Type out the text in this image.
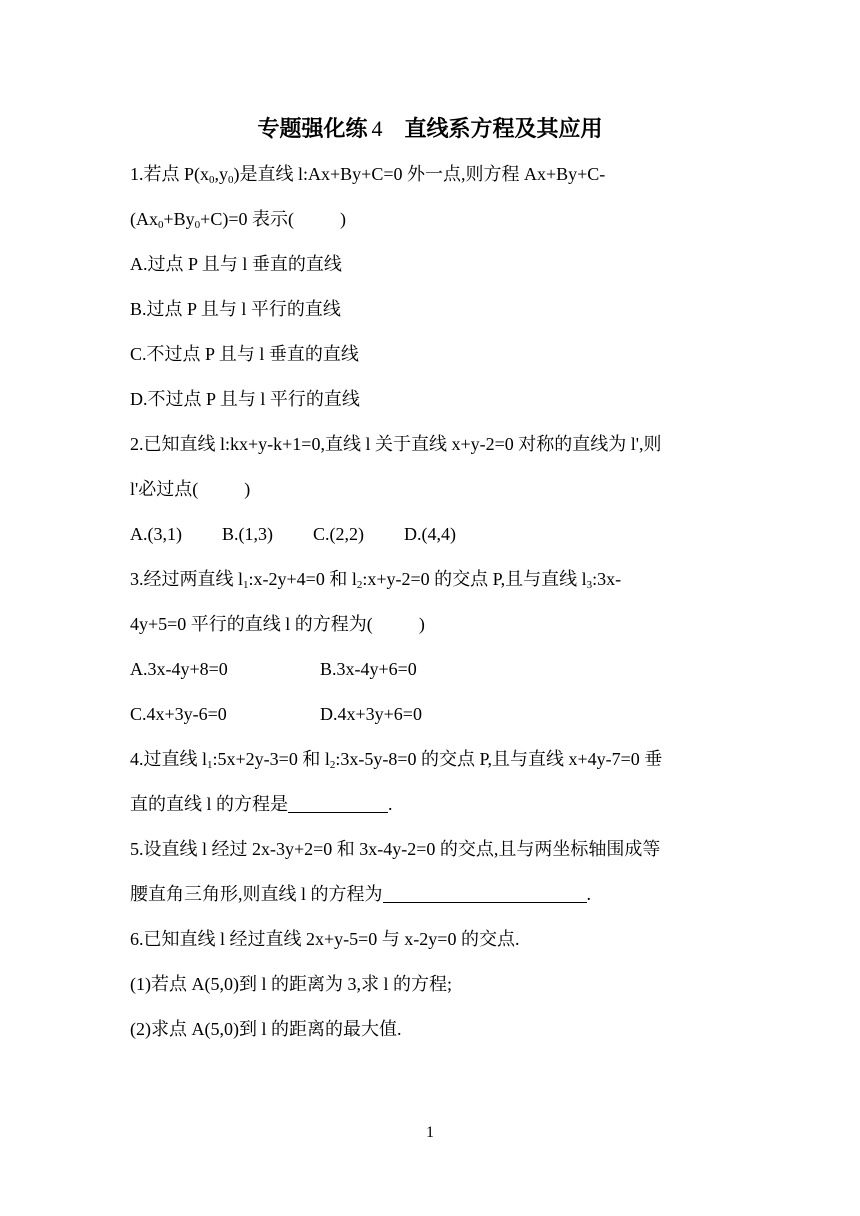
专题强化练 4 直线系方程及其应用
1.若点 $P(x_0,y_0)$是直线 l:Ax+By+C=0 外一点,则方程 Ax+By+C-
$(Ax_0+By_0+C)=0$ 表示(	)
A.过点 P 且与 l 垂直的直线
B.过点 P 且与 l 平行的直线
C.不过点 P 且与 l 垂直的直线
D.不过点 P 且与 l 平行的直线
2.已知直线 l:kx+y-k+1=0,直线 l 关于直线 x+y-2=0 对称的直线为 l',则
l'必过点(	)
A.(3,1) B.(1,3) C.(2,2) D.(4,4)
3.经过两直线 $l_1:x-2y+4=0$ 和 $l_2:x+y-2=0$ 的交点 P,且与直线 $l_3:3x-$
4y+5=0 平行的直线 l 的方程为(	)
A.3x-4y+8=0	B.3x-4y+6=0
C.4x+3y-6=0	D.4x+3y+6=0
4.过直线 $l_1:5x+2y-3=0$ 和 $l_2:3x-5y-8=0$ 的交点 P,且与直线 x+4y-7=0 垂
直的直线 l 的方程是	.
5.设直线 l 经过 2x-3y+2=0 和 3x-4y-2=0 的交点,且与两坐标轴围成等
腰直角三角形,则直线 l 的方程为	.
6.已知直线 l 经过直线 2x+y-5=0 与 x-2y=0 的交点.
(1)若点 A(5,0)到 l 的距离为 3,求 l 的方程;
(2)求点 A(5,0)到 l 的距离的最大值.
1
